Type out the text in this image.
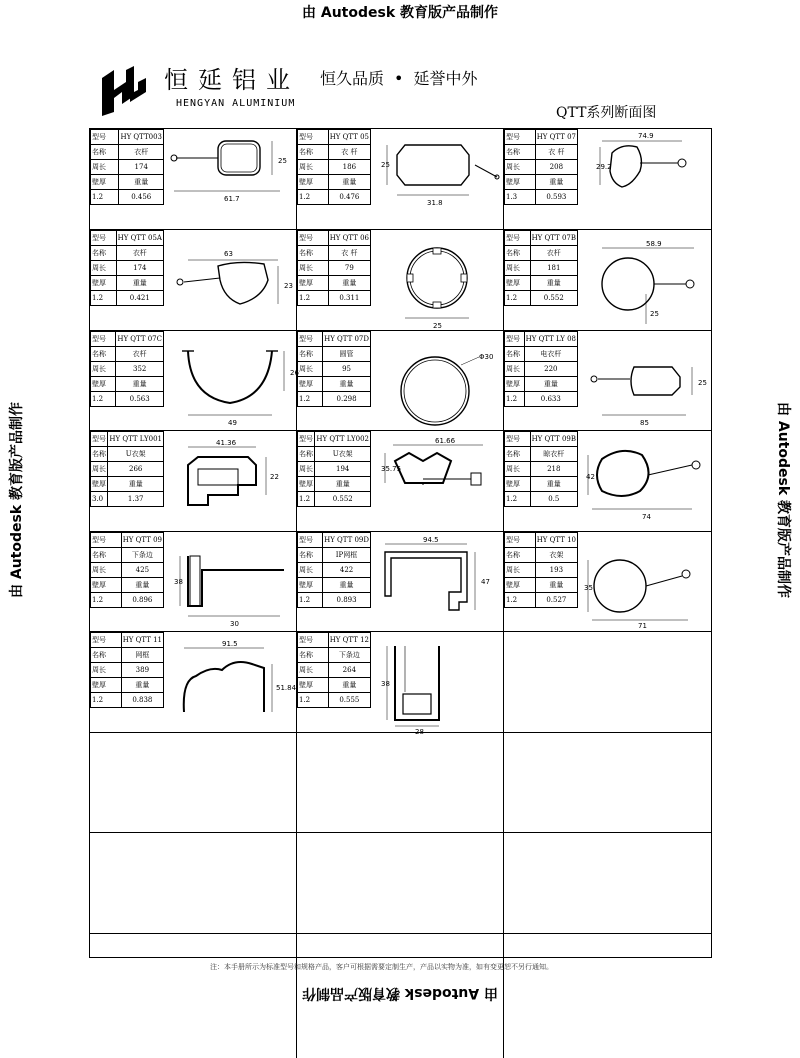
由 Autodesk 教育版产品制作
由 Autodesk 教育版产品制作
由 Autodesk 教育版产品制作	由 Autodesk 教育版产品制作
恒延铝业 恒久品质 • 延誉中外
HENGYAN ALUMINIUM
QTT系列断面图
型号	HY QTT003
名称	衣杆
周长	174
壁厚	重量
1.2	0.456	61.7
25
型号	HY QTT 05
名称	衣 杆
周长	186
壁厚	重量
1.2	0.476
31.8
25
型号	HY QTT 07
名称	衣 杆
周长	208
壁厚	重量
1.3	0.593
74.9
29.2
型号	HY QTT 05A
名称	衣杆
周长	174
壁厚	重量
1.2	0.421
63
23
型号	HY QTT 06
名称	衣 杆
周长	79
壁厚	重量
1.2	0.311
25
型号	HY QTT 07B
名称	衣杆
周长	181
壁厚	重量
1.2	0.552
58.9
25
型号	HY QTT 07C
名称	衣杆
周长	352
壁厚	重量
1.2	0.563
49
26
型号	HY QTT 07D
名称	圆管
周长	95
壁厚	重量
1.2	0.298
Φ30
型号	HY QTT LY 08
名称	电衣杆
周长	220
壁厚	重量
1.2	0.633
85
25
型号	HY QTT LY001
名称	U衣架
周长	266
壁厚	重量
3.0	1.37
41.36
22
型号	HY QTT LY002
名称	U衣架
周长	194
壁厚	重量
1.2	0.552
61.66
35.75
型号	HY QTT 09B
名称	晾衣杆
周长	218
壁厚	重量
1.2	0.5
74
42
型号	HY QTT 09
名称	下条边
周长	425
壁厚	重量
1.2	0.896
30
38
型号	HY QTT 09D
名称	IP网框
周长	422
壁厚	重量
1.2	0.893
94.5
47
型号	HY QTT 10
名称	衣架
周长	193
壁厚	重量
1.2	0.527
71
35
型号	HY QTT 11
名称	网框
周长	389
壁厚	重量
1.2	0.838
91.5
51.84
型号	HY QTT 12
名称	下条边
周长	264
壁厚	重量
1.2	0.555
28
38
注：本手册所示为标准型号和规格产品，客户可根据需要定制生产，产品以实物为准，如有变更恕不另行通知。
